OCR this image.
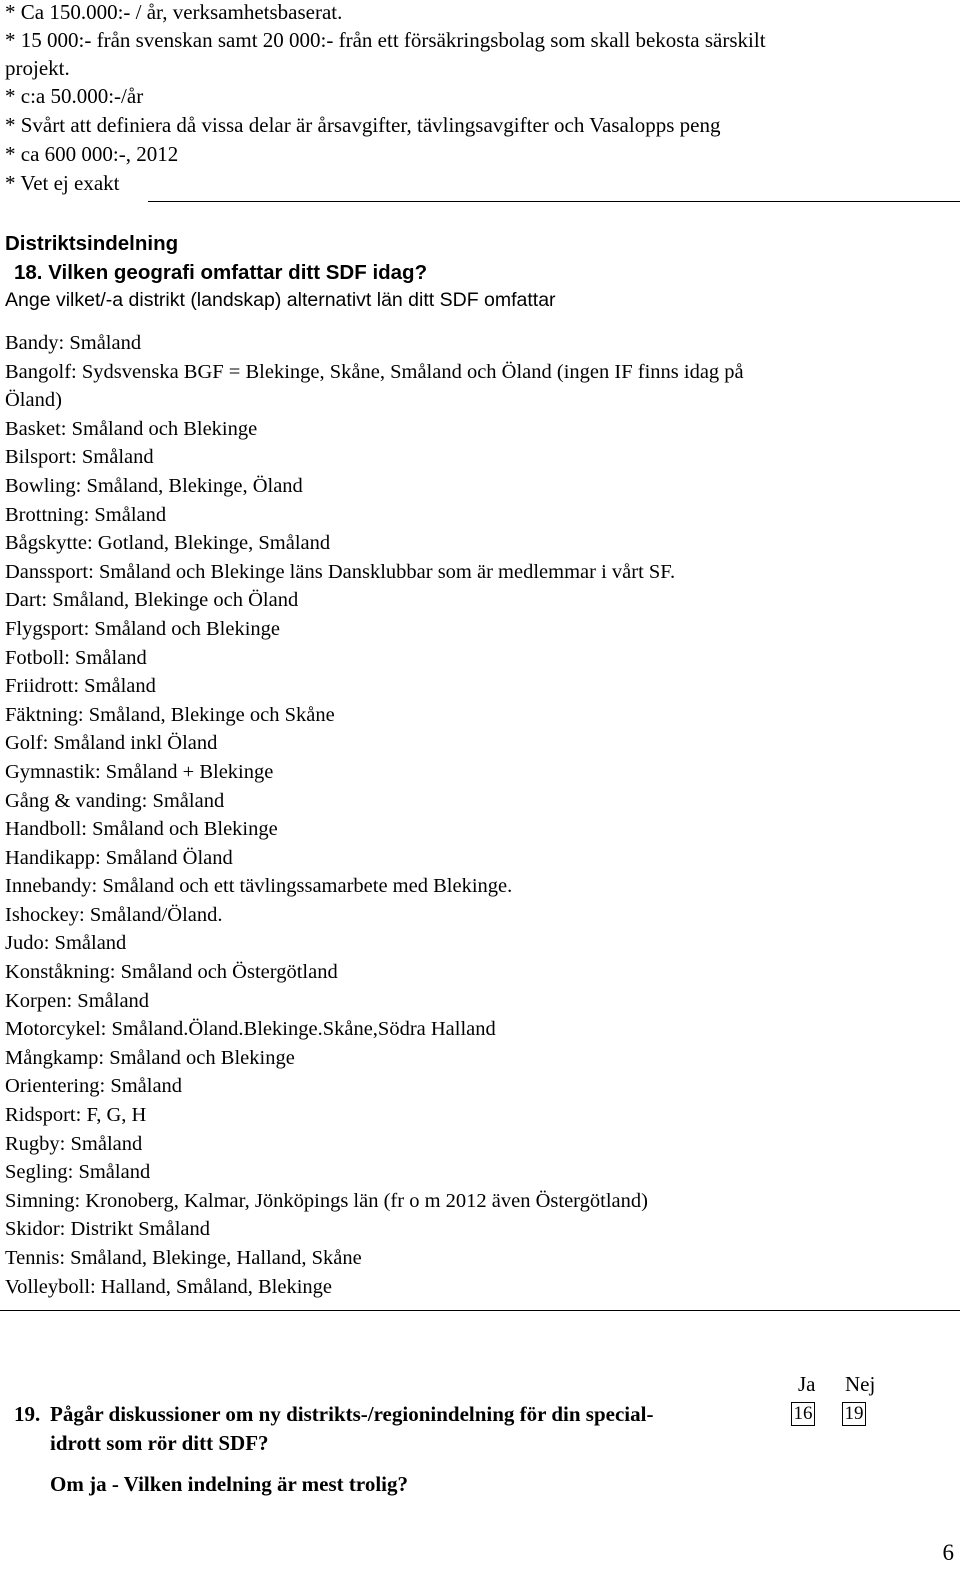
* Ca 150.000:- / år, verksamhetsbaserat.
* 15 000:- från svenskan samt 20 000:- från ett försäkringsbolag som skall bekosta särskilt
projekt.
* c:a 50.000:-/år
* Svårt att definiera då vissa delar är årsavgifter, tävlingsavgifter och Vasalopps peng
* ca 600 000:-, 2012
* Vet ej exakt
Distriktsindelning
18. Vilken geografi omfattar ditt SDF idag?
Ange vilket/-a distrikt (landskap) alternativt län ditt SDF omfattar
Bandy: Småland
Bangolf: Sydsvenska BGF = Blekinge, Skåne, Småland och Öland (ingen IF finns idag på
Öland)
Basket: Småland och Blekinge
Bilsport: Småland
Bowling: Småland, Blekinge, Öland
Brottning: Småland
Bågskytte: Gotland, Blekinge, Småland
Danssport: Småland och Blekinge läns Dansklubbar som är medlemmar i vårt SF.
Dart: Småland, Blekinge och Öland
Flygsport: Småland och Blekinge
Fotboll: Småland
Friidrott: Småland
Fäktning: Småland, Blekinge och Skåne
Golf: Småland inkl Öland
Gymnastik: Småland + Blekinge
Gång & vanding: Småland
Handboll: Småland och Blekinge
Handikapp: Småland Öland
Innebandy: Småland och ett tävlingssamarbete med Blekinge.
Ishockey: Småland/Öland.
Judo: Småland
Konståkning: Småland och Östergötland
Korpen: Småland
Motorcykel: Småland.Öland.Blekinge.Skåne,Södra Halland
Mångkamp: Småland och Blekinge
Orientering: Småland
Ridsport: F, G, H
Rugby: Småland
Segling: Småland
Simning: Kronoberg, Kalmar, Jönköpings län (fr o m 2012 även Östergötland)
Skidor: Distrikt Småland
Tennis: Småland, Blekinge, Halland, Skåne
Volleyboll: Halland, Småland, Blekinge
Ja Nej
19. Pågår diskussioner om ny distrikts-/regionindelning för din special-
idrott som rör ditt SDF?
Om ja - Vilken indelning är mest trolig?
16 19
6
